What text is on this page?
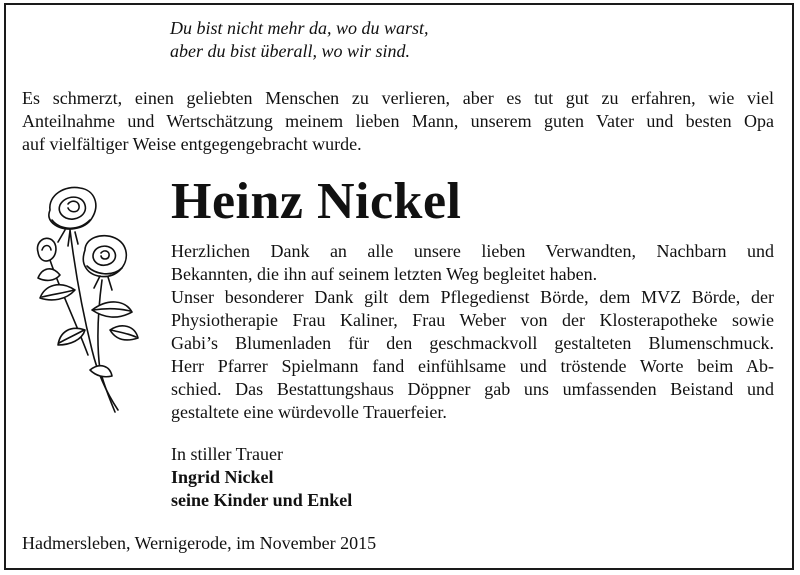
Du bist nicht mehr da, wo du warst,
aber du bist überall, wo wir sind.
Es schmerzt, einen geliebten Menschen zu verlieren, aber es tut gut zu erfahren, wie viel
Anteilnahme und Wertschätzung meinem lieben Mann, unserem guten Vater und besten Opa
auf vielfältiger Weise entgegengebracht wurde.
Heinz Nickel
Herzlichen Dank an alle unsere lieben Verwandten, Nachbarn und
Bekannten, die ihn auf seinem letzten Weg begleitet haben.
Unser besonderer Dank gilt dem Pflegedienst Börde, dem MVZ Börde, der
Physiotherapie Frau Kaliner, Frau Weber von der Klosterapotheke sowie
Gabi’s Blumenladen für den geschmackvoll gestalteten Blumenschmuck.
Herr Pfarrer Spielmann fand einfühlsame und tröstende Worte beim Ab-
schied. Das Bestattungshaus Döppner gab uns umfassenden Beistand und
gestaltete eine würdevolle Trauerfeier.
In stiller Trauer
Ingrid Nickel
seine Kinder und Enkel
Hadmersleben, Wernigerode, im November 2015
